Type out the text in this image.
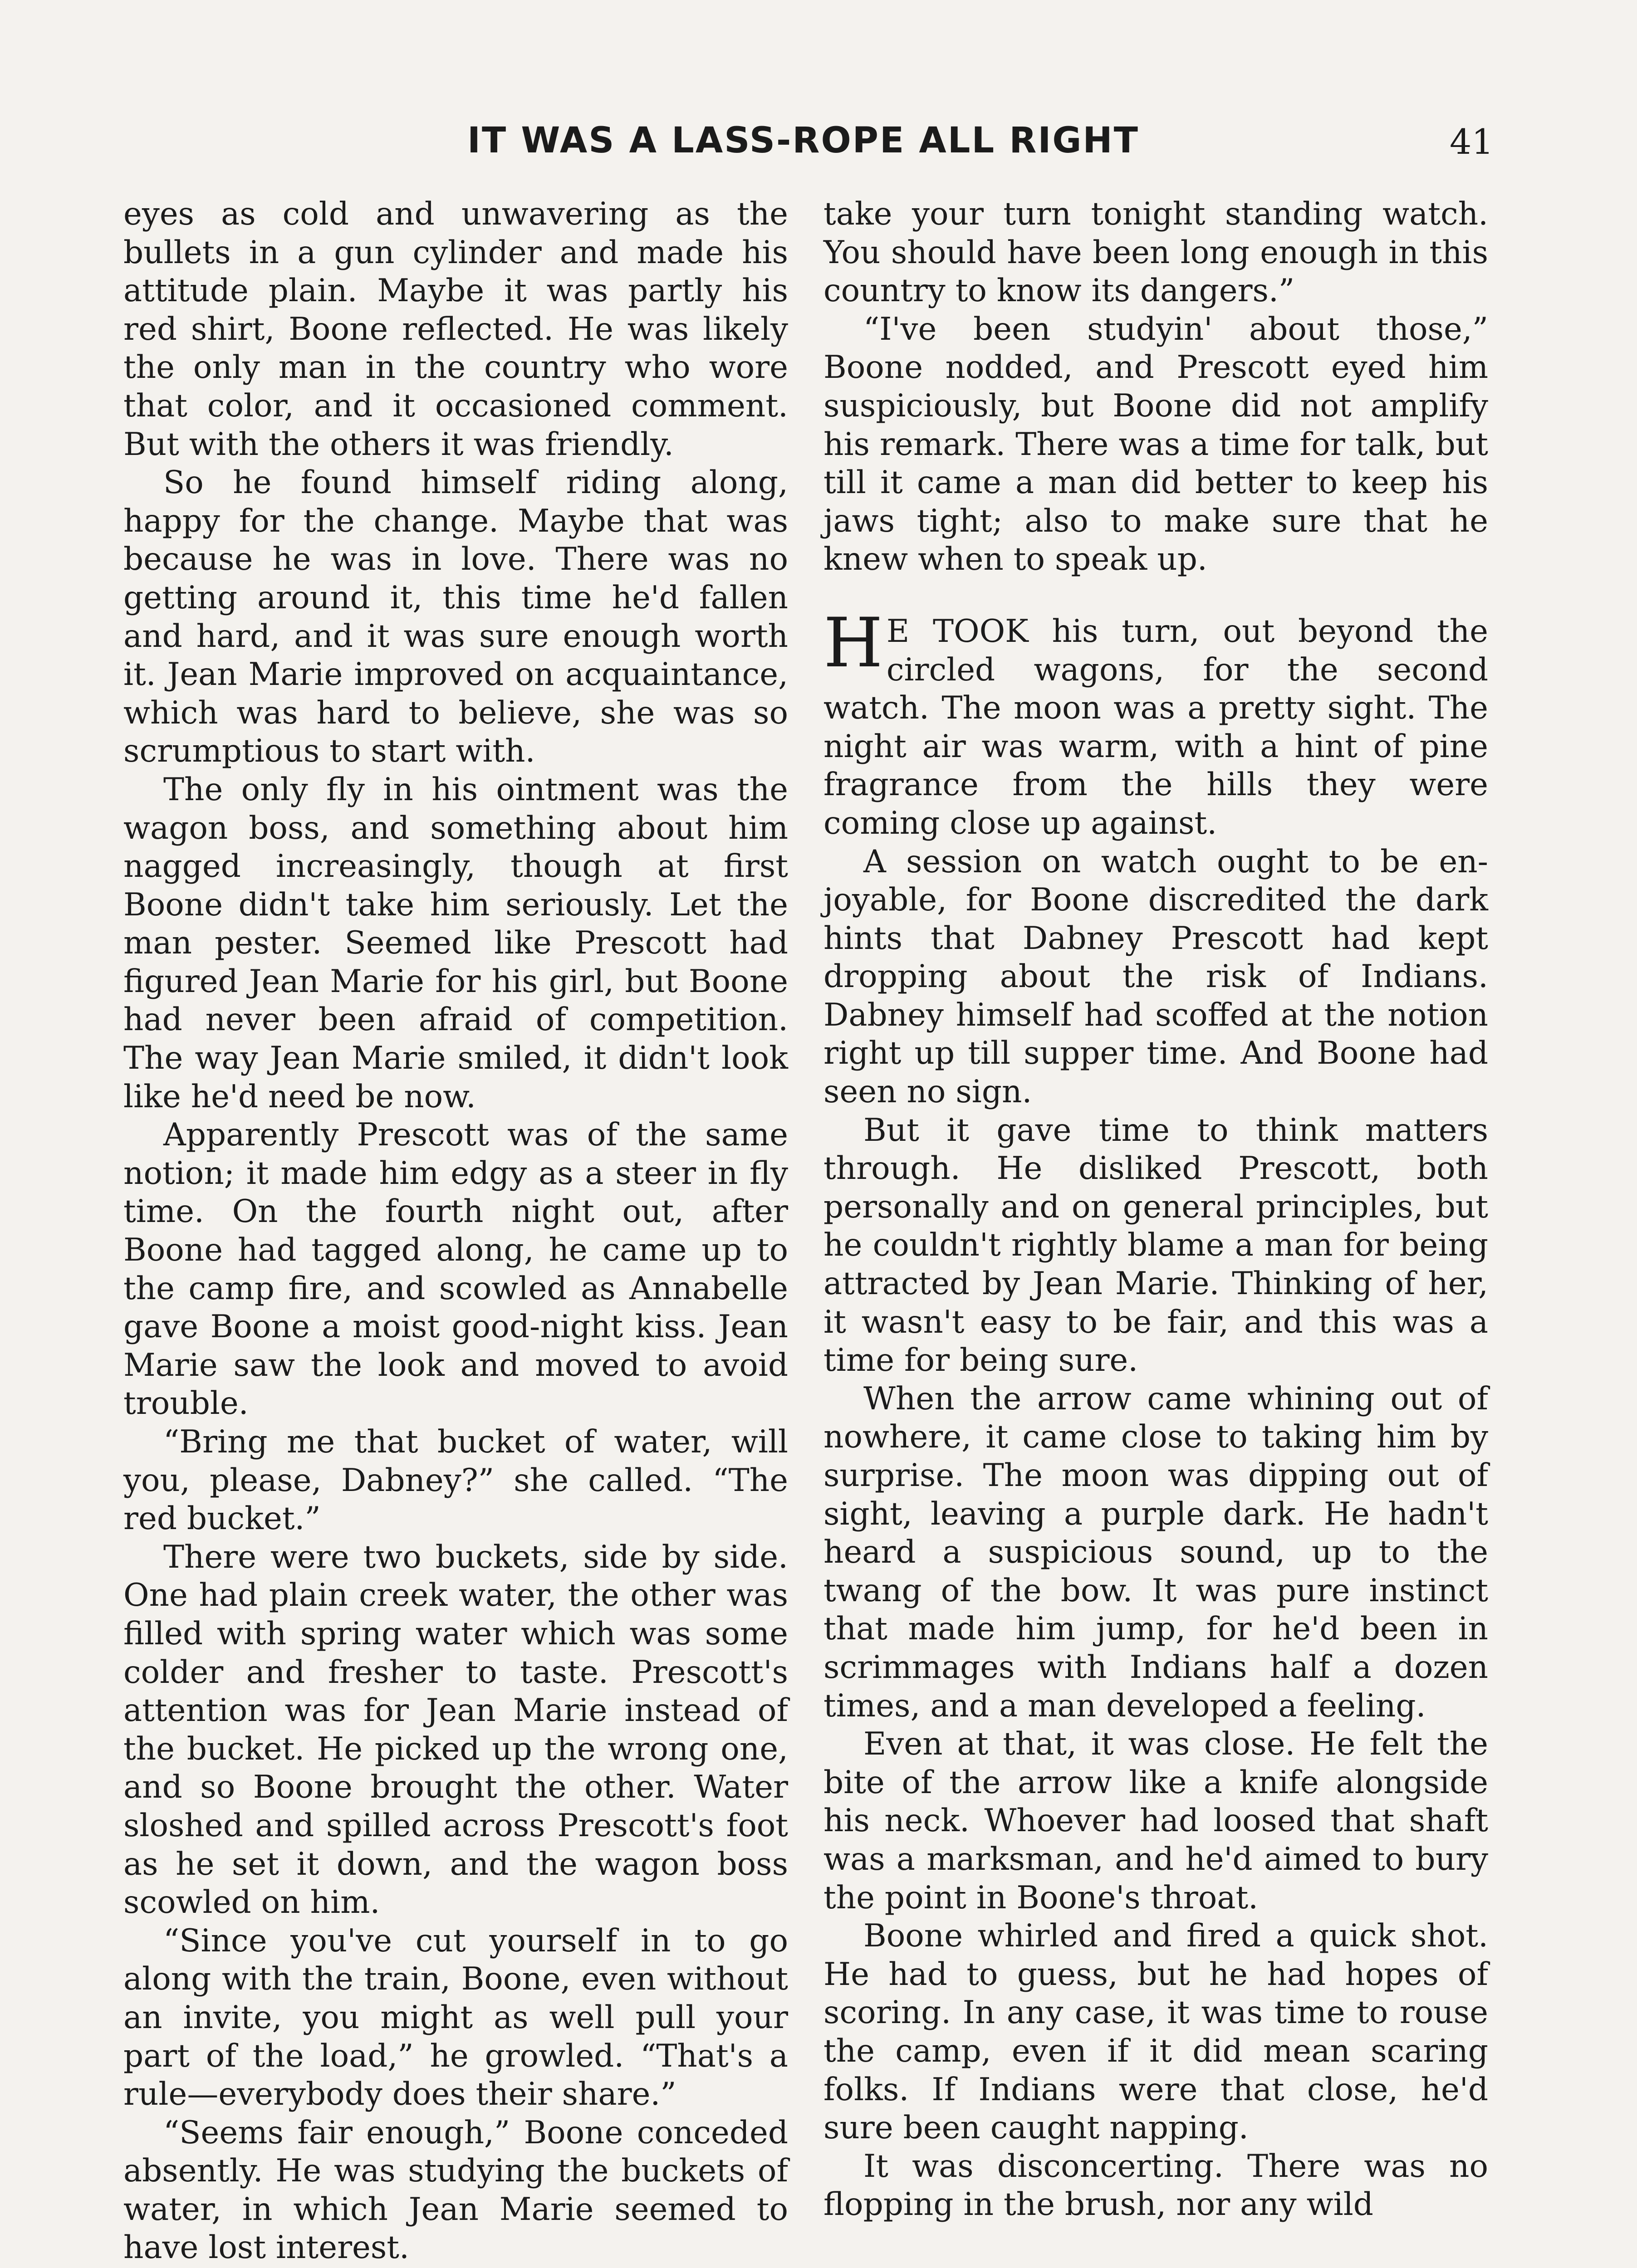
IT WAS A LASS-ROPE ALL RIGHT	41

eyes as cold and unwavering as the bullets in a gun cylinder and made his attitude plain. Maybe it was partly his red shirt, Boone reflected. He was likely the only man in the country who wore that color, and it occasioned comment. But with the others it was friendly.

So he found himself riding along, happy for the change. Maybe that was because he was in love. There was no getting around it, this time he'd fallen and hard, and it was sure enough worth it. Jean Marie improved on acquaintance, which was hard to believe, she was so scrumptious to start with.

The only fly in his ointment was the wagon boss, and something about him nagged increasingly, though at first Boone didn't take him seriously. Let the man pester. Seemed like Prescott had figured Jean Marie for his girl, but Boone had never been afraid of competition. The way Jean Marie smiled, it didn't look like he'd need be now.

Apparently Prescott was of the same notion; it made him edgy as a steer in fly time. On the fourth night out, after Boone had tagged along, he came up to the camp fire, and scowled as Annabelle gave Boone a moist good-night kiss. Jean Marie saw the look and moved to avoid trouble.

“Bring me that bucket of water, will you, please, Dabney?” she called. “The red bucket.”

There were two buckets, side by side. One had plain creek water, the other was filled with spring water which was some colder and fresher to taste. Prescott's attention was for Jean Marie instead of the bucket. He picked up the wrong one, and so Boone brought the other. Water sloshed and spilled across Prescott's foot as he set it down, and the wagon boss scowled on him.

“Since you've cut yourself in to go along with the train, Boone, even without an invite, you might as well pull your part of the load,” he growled. “That's a rule—everybody does their share.”

“Seems fair enough,” Boone conceded absently. He was studying the buckets of water, in which Jean Marie seemed to have lost interest.

take your turn tonight standing watch. You should have been long enough in this country to know its dangers.”

“I've been studyin' about those,” Boone nodded, and Prescott eyed him suspiciously, but Boone did not amplify his remark. There was a time for talk, but till it came a man did better to keep his jaws tight; also to make sure that he knew when to speak up.

H E TOOK his turn, out beyond the circled wagons, for the second watch. The moon was a pretty sight. The night air was warm, with a hint of pine fragrance from the hills they were coming close up against.

A session on watch ought to be enjoyable, for Boone discredited the dark hints that Dabney Prescott had kept dropping about the risk of Indians. Dabney himself had scoffed at the notion right up till supper time. And Boone had seen no sign.

But it gave time to think matters through. He disliked Prescott, both personally and on general principles, but he couldn't rightly blame a man for being attracted by Jean Marie. Thinking of her, it wasn't easy to be fair, and this was a time for being sure.

When the arrow came whining out of nowhere, it came close to taking him by surprise. The moon was dipping out of sight, leaving a purple dark. He hadn't heard a suspicious sound, up to the twang of the bow. It was pure instinct that made him jump, for he'd been in scrimmages with Indians half a dozen times, and a man developed a feeling.

Even at that, it was close. He felt the bite of the arrow like a knife alongside his neck. Whoever had loosed that shaft was a marksman, and he'd aimed to bury the point in Boone's throat.

Boone whirled and fired a quick shot. He had to guess, but he had hopes of scoring. In any case, it was time to rouse the camp, even if it did mean scaring folks. If Indians were that close, he'd sure been caught napping.

It was disconcerting. There was no flopping in the brush, nor any wild
